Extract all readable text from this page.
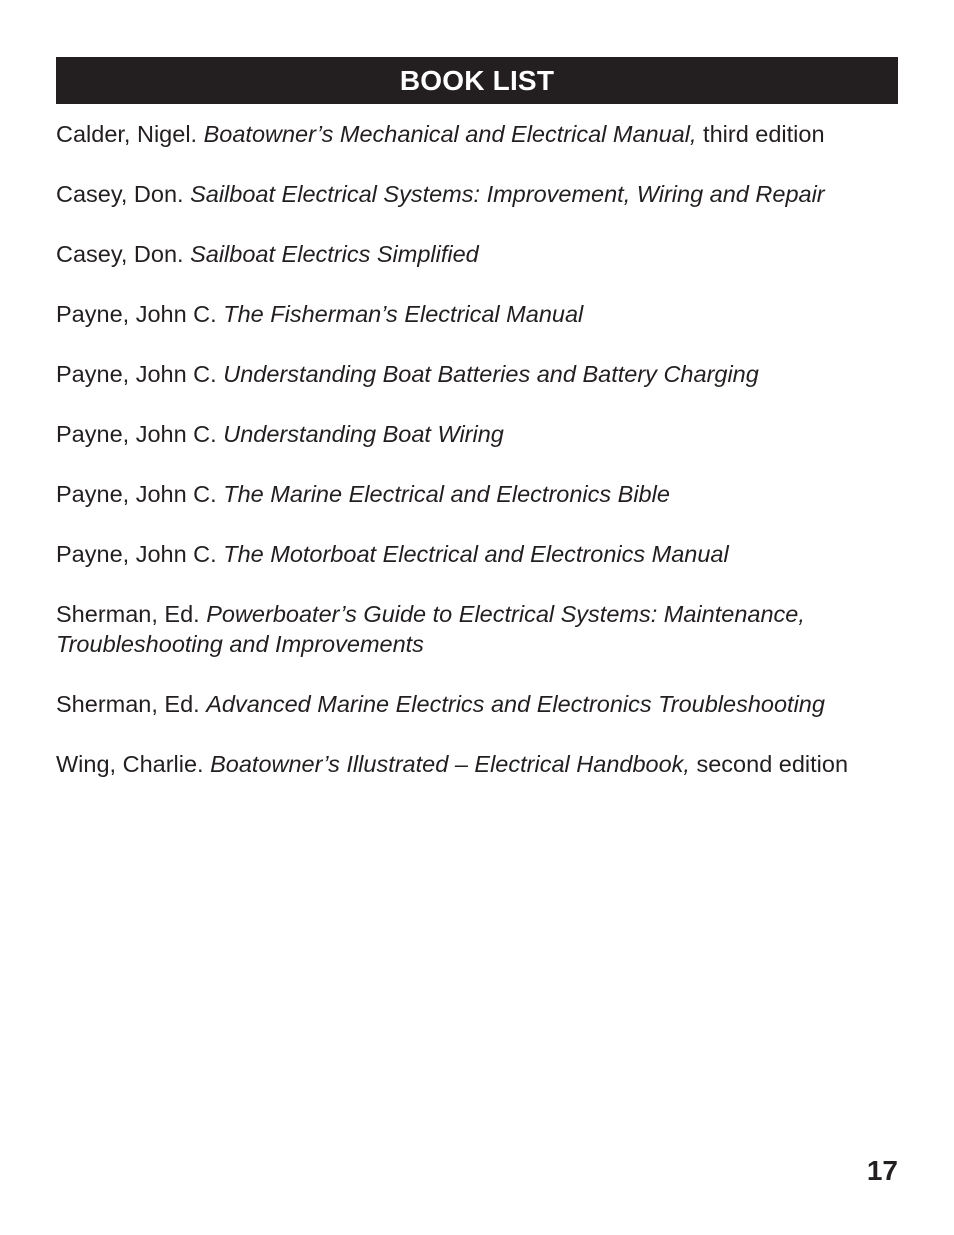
BOOK LIST
Calder, Nigel. Boatowner’s Mechanical and Electrical Manual, third edition
Casey, Don. Sailboat Electrical Systems: Improvement, Wiring and Repair
Casey, Don. Sailboat Electrics Simplified
Payne, John C. The Fisherman’s Electrical Manual
Payne, John C. Understanding Boat Batteries and Battery Charging
Payne, John C. Understanding Boat Wiring
Payne, John C. The Marine Electrical and Electronics Bible
Payne, John C. The Motorboat Electrical and Electronics Manual
Sherman, Ed. Powerboater’s Guide to Electrical Systems: Maintenance, Troubleshooting and Improvements
Sherman, Ed. Advanced Marine Electrics and Electronics Troubleshooting
Wing, Charlie. Boatowner’s Illustrated – Electrical Handbook, second edition
17
